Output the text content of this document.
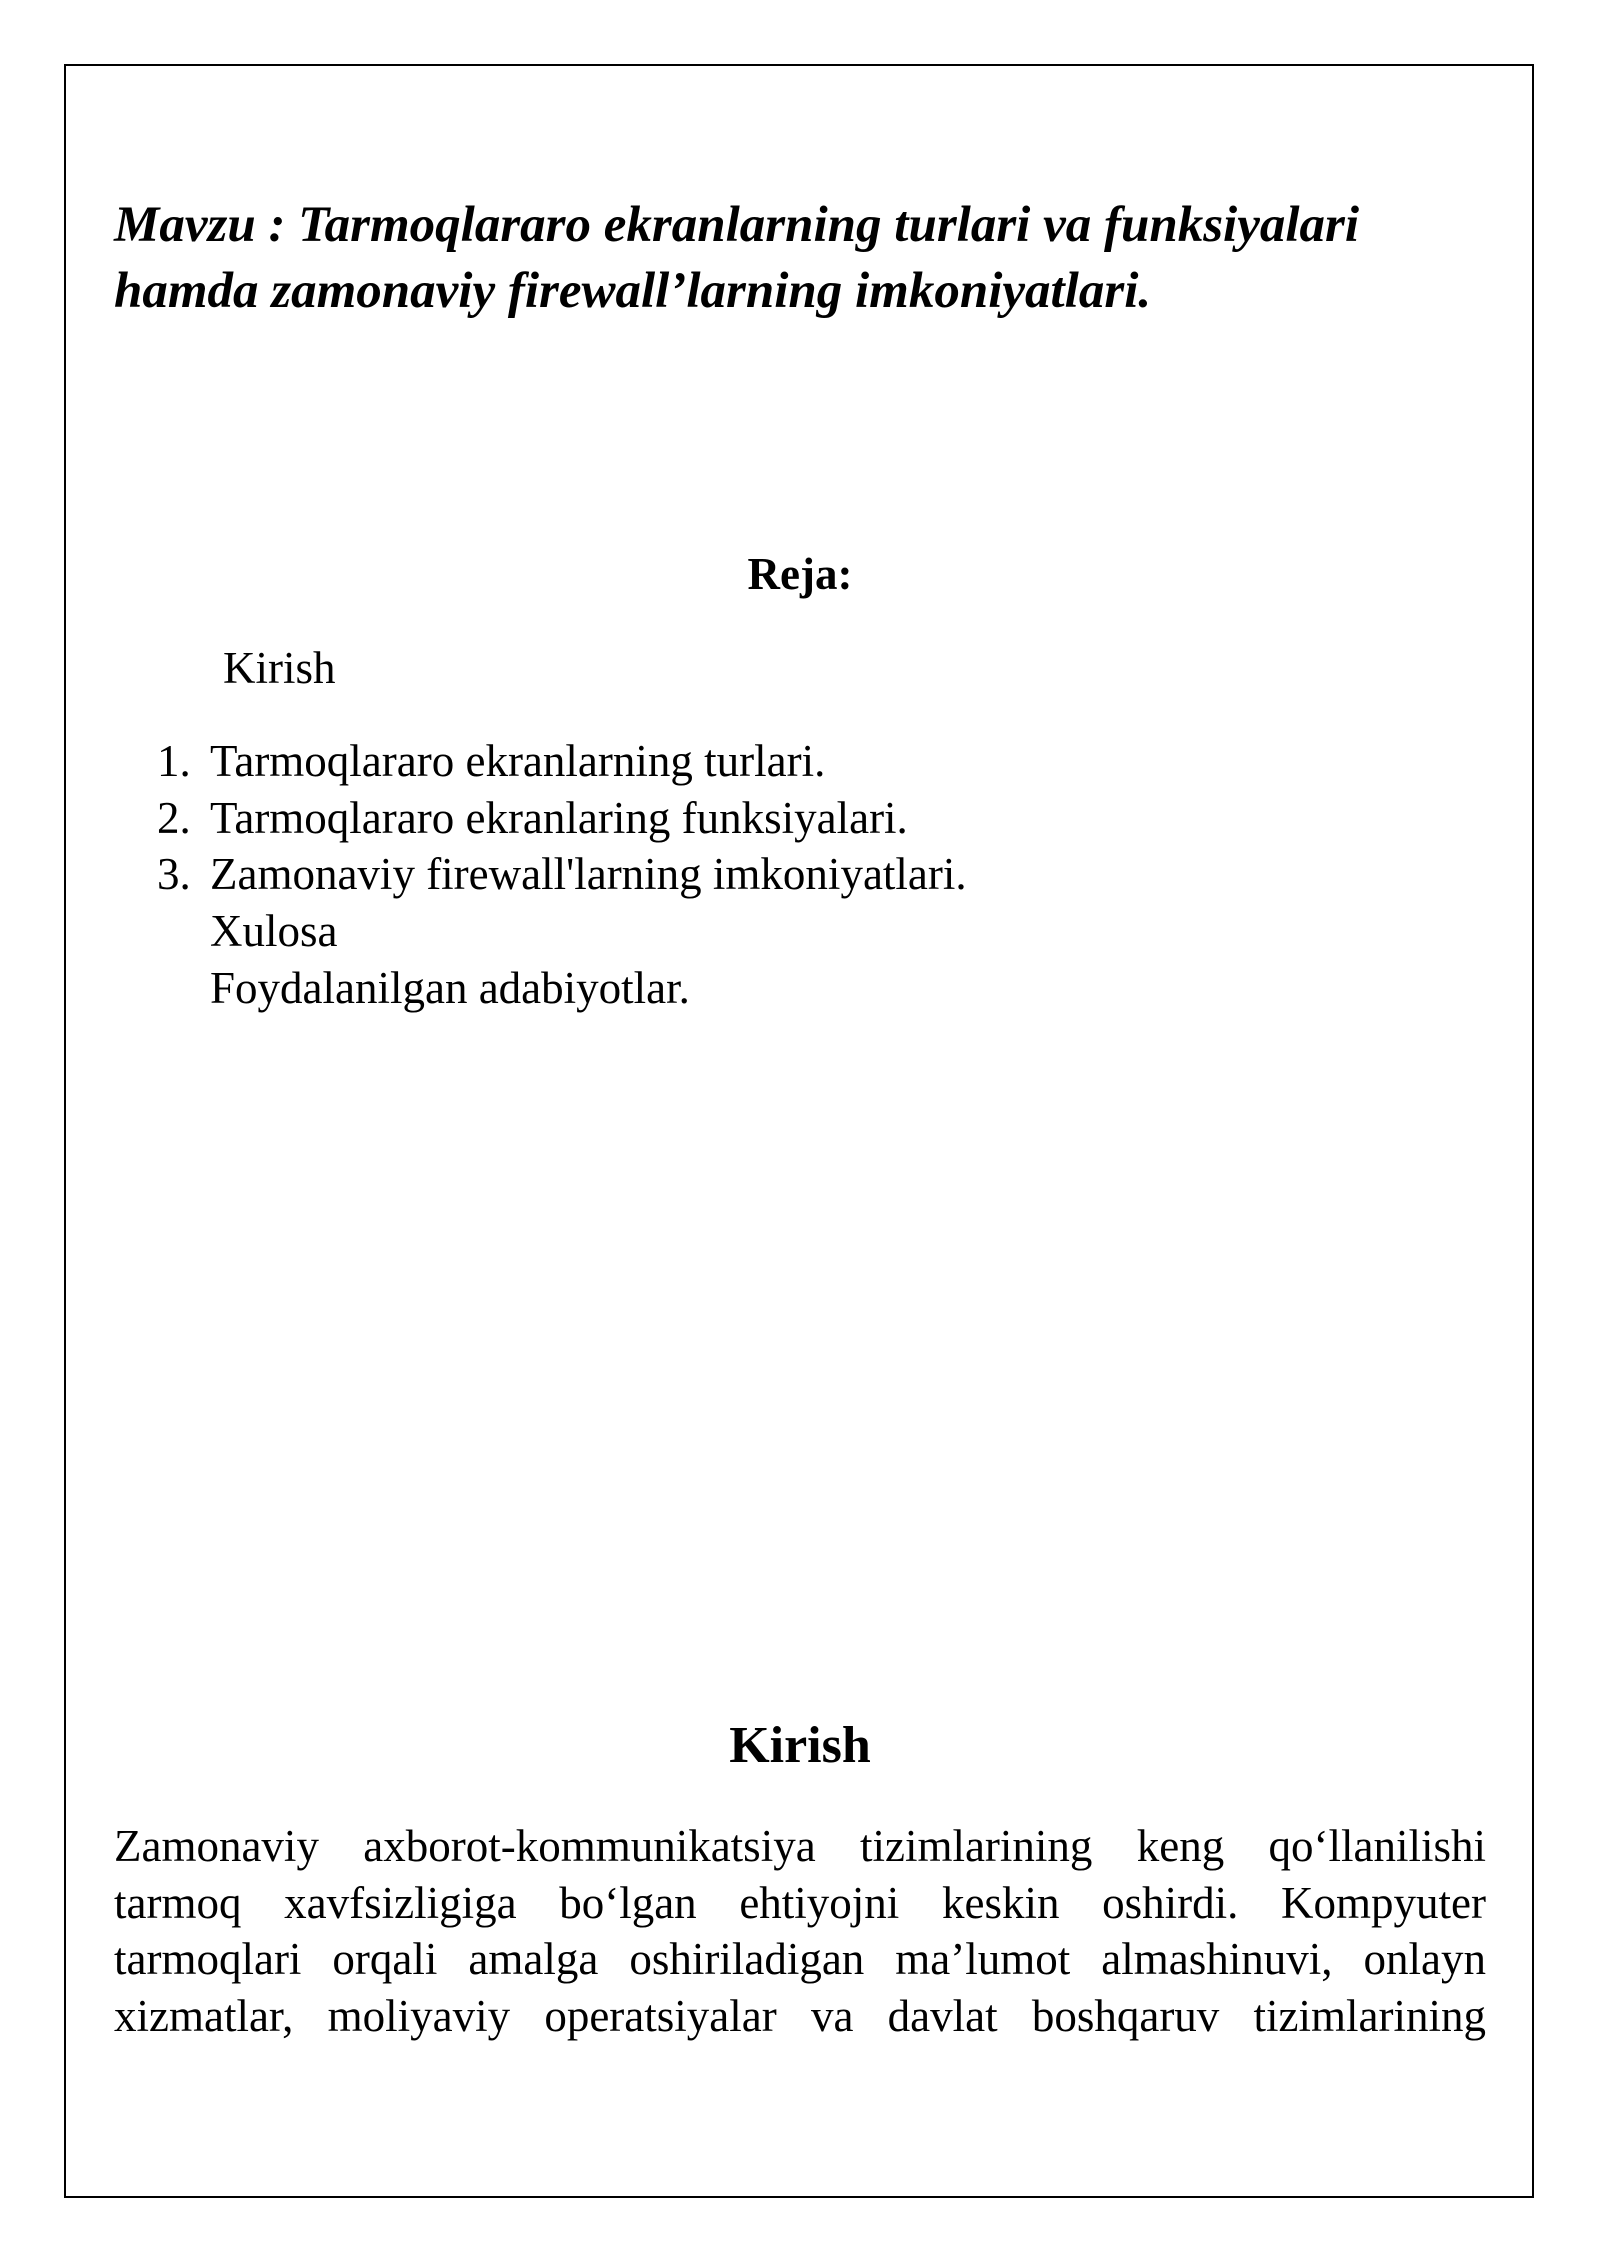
Mavzu : Tarmoqlararo ekranlarning turlari va funksiyalari
hamda zamonaviy firewall’larning imkoniyatlari.
Reja:

Kirish

1. Tarmoqlararo ekranlarning turlari.
2. Tarmoqlararo ekranlaring funksiyalari.
3. Zamonaviy firewall'larning imkoniyatlari.
Xulosa
Foydalanilgan adabiyotlar.
Kirish

Zamonaviy axborot-kommunikatsiya tizimlarining keng qo‘llanilishi
tarmoq xavfsizligiga bo‘lgan ehtiyojni keskin oshirdi. Kompyuter
tarmoqlari orqali amalga oshiriladigan ma’lumot almashinuvi, onlayn
xizmatlar, moliyaviy operatsiyalar va davlat boshqaruv tizimlarining
